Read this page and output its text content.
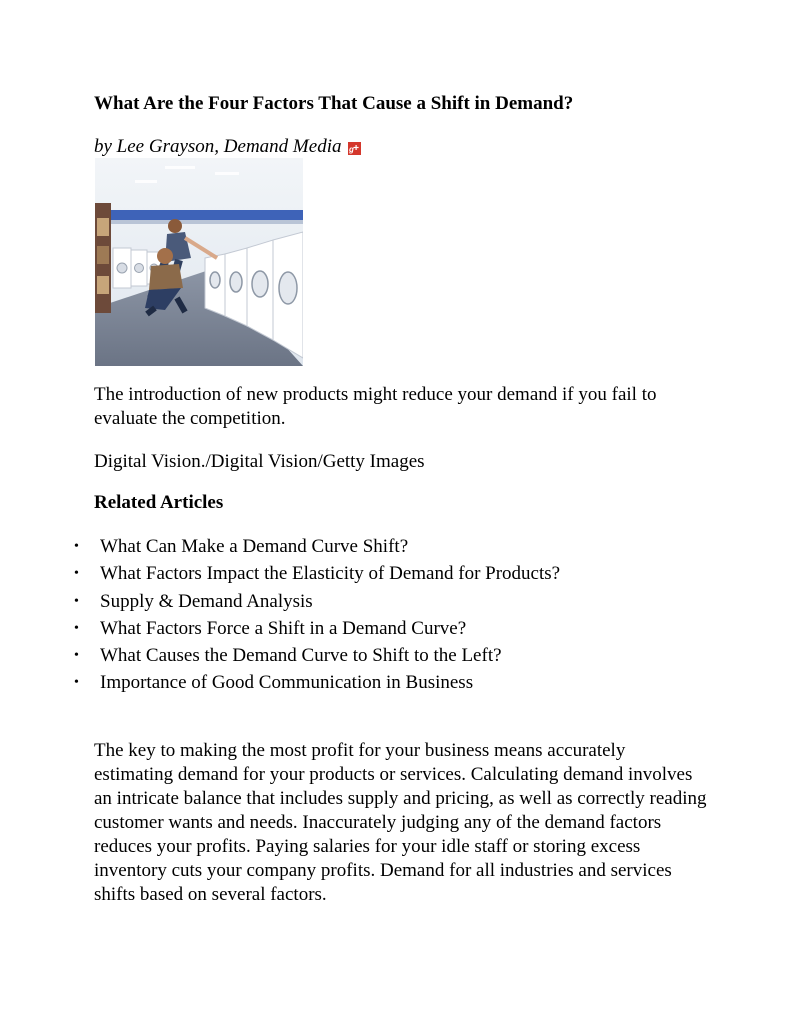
What Are the Four Factors That Cause a Shift in Demand?

by Lee Grayson, Demand Media g

The introduction of new products might reduce your demand if you fail to evaluate the competition.

Digital Vision./Digital Vision/Getty Images

Related Articles
• What Can Make a Demand Curve Shift?
• What Factors Impact the Elasticity of Demand for Products?
• Supply & Demand Analysis
• What Factors Force a Shift in a Demand Curve?
• What Causes the Demand Curve to Shift to the Left?
• Importance of Good Communication in Business

The key to making the most profit for your business means accurately estimating demand for your products or services. Calculating demand involves an intricate balance that includes supply and pricing, as well as correctly reading customer wants and needs. Inaccurately judging any of the demand factors reduces your profits. Paying salaries for your idle staff or storing excess inventory cuts your company profits. Demand for all industries and services shifts based on several factors.
